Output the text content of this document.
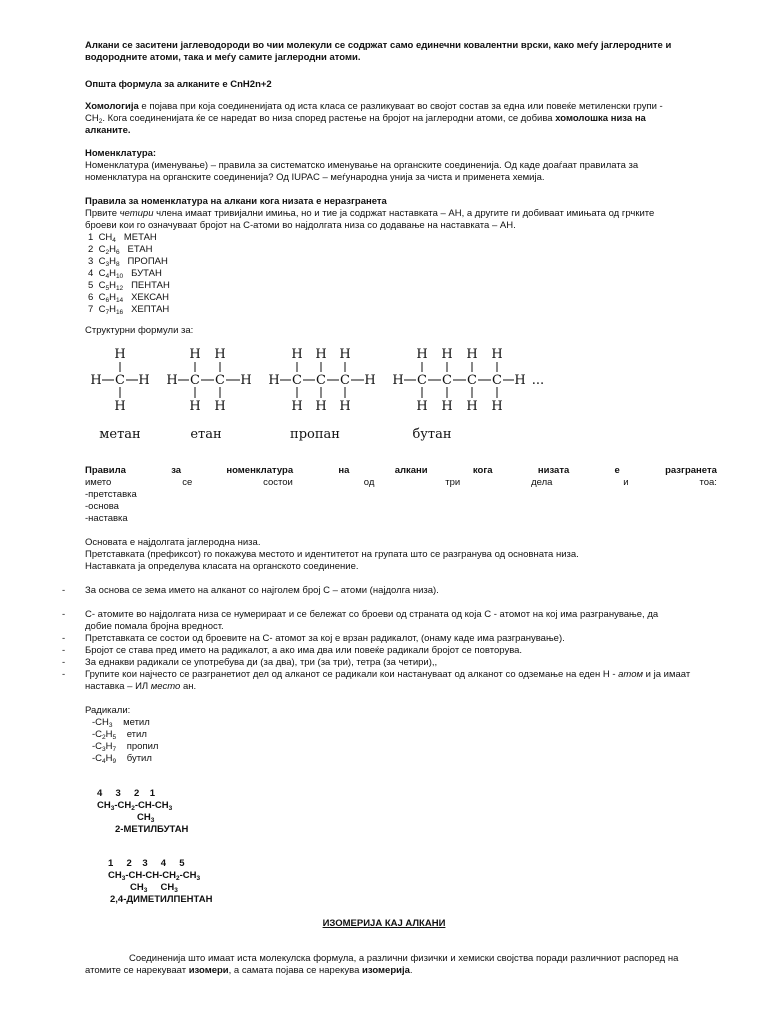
Алкани се заситени јаглеводороди во чии молекули се содржат само единечни ковалентни врски, како меѓу јаглеродните и
водородните атоми, така и меѓу самите јаглеродни атоми.
Општа формула за алканите е CnH2n+2
Хомологија е појава при која соединенијата од иста класа се разликуваат во својот состав за една или повеќе метиленски групи -
$CH_2$. Кога соединенијата ќе се наредат во низа според растење на бројот на јаглеродни атоми, се добива хомолошка низа на
алканите.
Номенклатура:
Номенклатура (именување) – правила за систематско именување на органските соединенија. Од каде доаѓаат правилата за
номенклатура на органските соединенија? Од IUPAC – меѓународна унија за чиста и применета хемија.
Правила за номенклатура на алкани кога низата е неразгранета
Првите четири члена имаат тривијални имиња, но и тие ја содржат наставката – АН, а другите ги добиваат имињата од грчките
броеви кои го означуваат бројот на C-атоми во најдолгата низа со додавање на наставката – АН.
1  $CH_4$   МЕТАН
2  $C_2H_6$   ЕТАН
3  $C_3H_8$   ПРОПАН
4  $C_4H_{10}$   БУТАН
5  $C_5H_{12}$   ПЕНТАН
6  $C_6H_{14}$   ХЕКСАН
7  $C_7H_{16}$   ХЕПТАН
Структурни формули за:
H
C
H
H	H
метан
H
C
H
H
C
H
H	H
етан
H
C
H
H
C
H
H
C
H
H	H
пропан
H
C
H
H
C
H
H
C
H
H
C
H
H	H ...
бутан
Правила	за	номенклатура	на	алкани	кога	низата	е	разгранета
името	се	состои	од	три	дела	и	тоа:
-претставка
-основа
-наставка
Основата е најдолгата јаглеродна низа.
Претставката (префиксот) го покажува местото и идентитетот на групата што се разгранува од основната низа.
Наставката ја определува класата на органското соединение.
- За основа се зема името на алканот со најголем број C – атоми (најдолга низа).
- C- атомите во најдолгата низа се нумерираат и се бележат со броеви од страната од која C - атомот на кој има разгранување, да
добие помала бројна вредност.
- Претставката се состои од броевите на C- атомот за кој е врзан радикалот, (онаму каде има разгранување).
- Бројот се става пред името на радикалот, а ако има два или повеќе радикали бројот се повторува.
- За еднакви радикали се употребува ди (за два), три (за три), тетра (за четири),,
- Групите кои најчесто се разгранетиот дел од алканот се радикали кои настануваат од алканот со одземање на еден H - атом и ја имаат
наставка – ИЛ место ан.
Радикали:
$-CH_3$    метил
$-C_2H_5$    етил
$-C_3H_7$    пропил
$-C_4H_9$    бутил
4     3     2    1
$CH_3-CH_2-CH-CH_3$
$CH_3$
2-МЕТИЛБУТАН
1     2    3     4     5
$CH_3-CH-CH-CH_2-CH_3$
$CH_3$     $CH_3$
2,4-ДИМЕТИЛПЕНТАН
ИЗОМЕРИЈА КАЈ АЛКАНИ
Соединенија што имаат иста молекулска формула, а различни физички и хемиски својства поради различниот распоред на
атомите се нарекуваат изомери, а самата појава се нарекува изомерија.
